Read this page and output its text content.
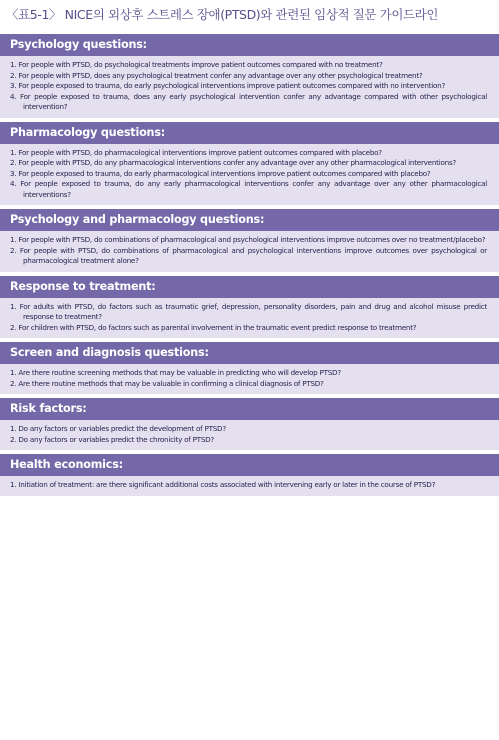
〈표5-1〉 NICE의 외상후 스트레스 장애(PTSD)와 관련된 임상적 질문 가이드라인
Psychology questions:
1. For people with PTSD, do psychological treatments improve patient outcomes compared with no treatment?
2. For people with PTSD, does any psychological treatment confer any advantage over any other psychological treatment?
3. For people exposed to trauma, do early psychological interventions improve patient outcomes compared with no intervention?
4. For people exposed to trauma, does any early psychological intervention confer any advantage compared with other psychological intervention?
Pharmacology questions:
1. For people with PTSD, do pharmacological interventions improve patient outcomes compared with placebo?
2. For people with PTSD, do any pharmacological interventions confer any advantage over any other pharmacological interventions?
3. For people exposed to trauma, do early pharmacological interventions improve patient outcomes compared with placebo?
4. For people exposed to trauma, do any early pharmacological interventions confer any advantage over any other pharmacological interventions?
Psychology and pharmacology questions:
1. For people with PTSD, do combinations of pharmacological and psychological interventions improve outcomes over no treatment/placebo?
2. For people with PTSD, do combinations of pharmacological and psychological interventions improve outcomes over psychological or pharmacological treatment alone?
Response to treatment:
1. For adults with PTSD, do factors such as traumatic grief, depression, personality disorders, pain and drug and alcohol misuse predict response to treatment?
2. For children with PTSD, do factors such as parental involvement in the traumatic event predict response to treatment?
Screen and diagnosis questions:
1. Are there routine screening methods that may be valuable in predicting who will develop PTSD?
2. Are there routine methods that may be valuable in confirming a clinical diagnosis of PTSD?
Risk factors:
1. Do any factors or variables predict the development of PTSD?
2. Do any factors or variables predict the chronicity of PTSD?
Health economics:
1. Initiation of treatment: are there significant additional costs associated with intervening early or later in the course of PTSD?
